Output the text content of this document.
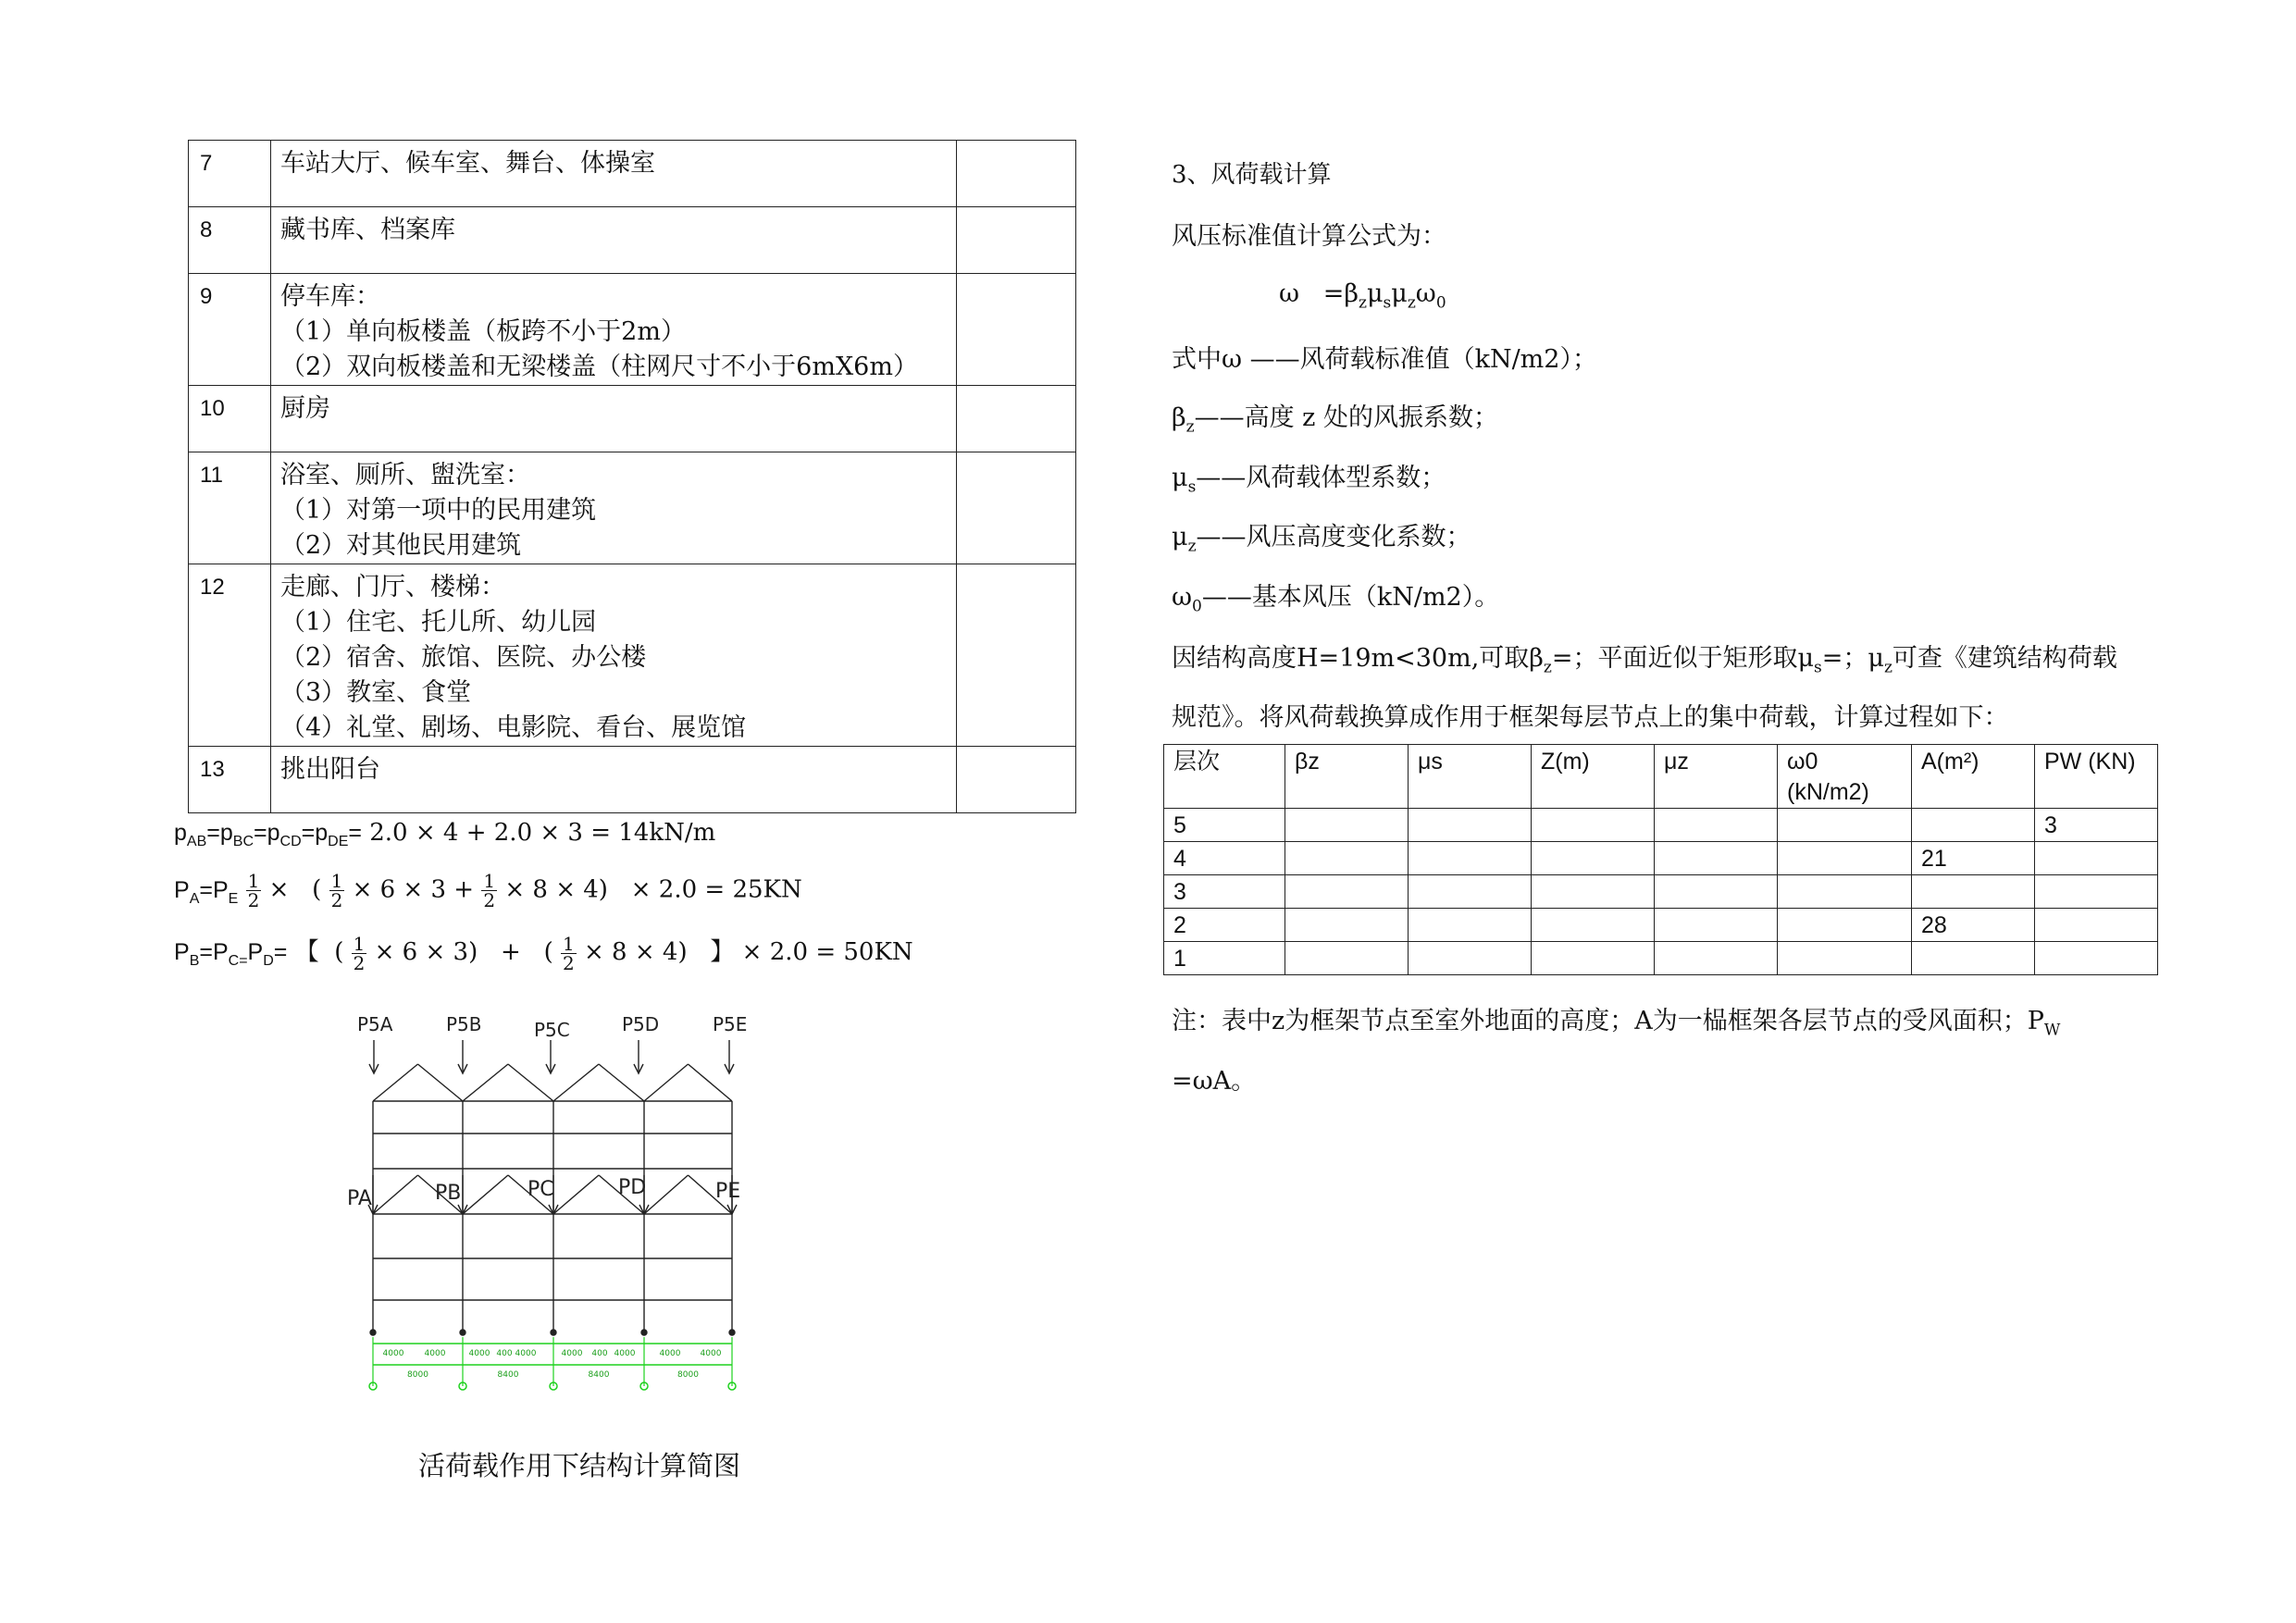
7	车站大厅、候车室、舞台、体操室	

8	藏书库、档案库	

9	停车库：
（1）单向板楼盖（板跨不小于2m）
（2）双向板楼盖和无梁楼盖（柱网尺寸不小于6mX6m）	

10	厨房	

11	浴室、厕所、盥洗室：
（1）对第一项中的民用建筑
（2）对其他民用建筑	

12	走廊、门厅、楼梯：
（1）住宅、托儿所、幼儿园
（2）宿舍、旅馆、医院、办公楼
（3）教室、食堂
（4）礼堂、剧场、电影院、看台、展览馆	

13	挑出阳台	

$p_{AB}=p_{BC}=p_{CD}=p_{DE}= 2.0 \times 4 + 2.0 \times 3 = 14kN/m$
$P_A=P_E$ 1
2 ×   ( 1
2 × 6 × 3 + 1
2 × 8 × 4)   × 2.0 = 25KN
$P_B=P_{C=}P_D=$ 【  ( 1
2 × 6 × 3)   +   ( 1
2 × 8 × 4)   】 × 2.0 = 50KN
P5A	P5B	P5C	P5D	P5E
PA	PB	PC	PD	PE
4000 4000	4000 400 4000	4000 400 4000	4000 4000
8000	8400	8400	8000
活荷载作用下结构计算简图
3、风荷载计算
风压标准值计算公式为：
$\omega =\beta_z\mu_s\mu_z\omega_0$
式中ω ——风荷载标准值（kN/m2）；
$\beta_z——$高度 z 处的风振系数；
$\mu_s——$风荷载体型系数；
$\mu_z——$风压高度变化系数；
$\omega_0——$基本风压（kN/m2）。
因结构高度H=19m<30m,可取$\beta_z=$；平面近似于矩形取$\mu_s=$；$\mu_z$可查《建筑结构荷载
规范》。将风荷载换算成作用于框架每层节点上的集中荷载，计算过程如下：
层次	βz	μs	Z(m)	μz	ω0 (kN/m2)	A(m²)	PW (KN)
5							3
4						21	
3							
2						28	
1							
注：表中z为框架节点至室外地面的高度；A为一榀框架各层节点的受风面积；$P_W$
=ωA。
